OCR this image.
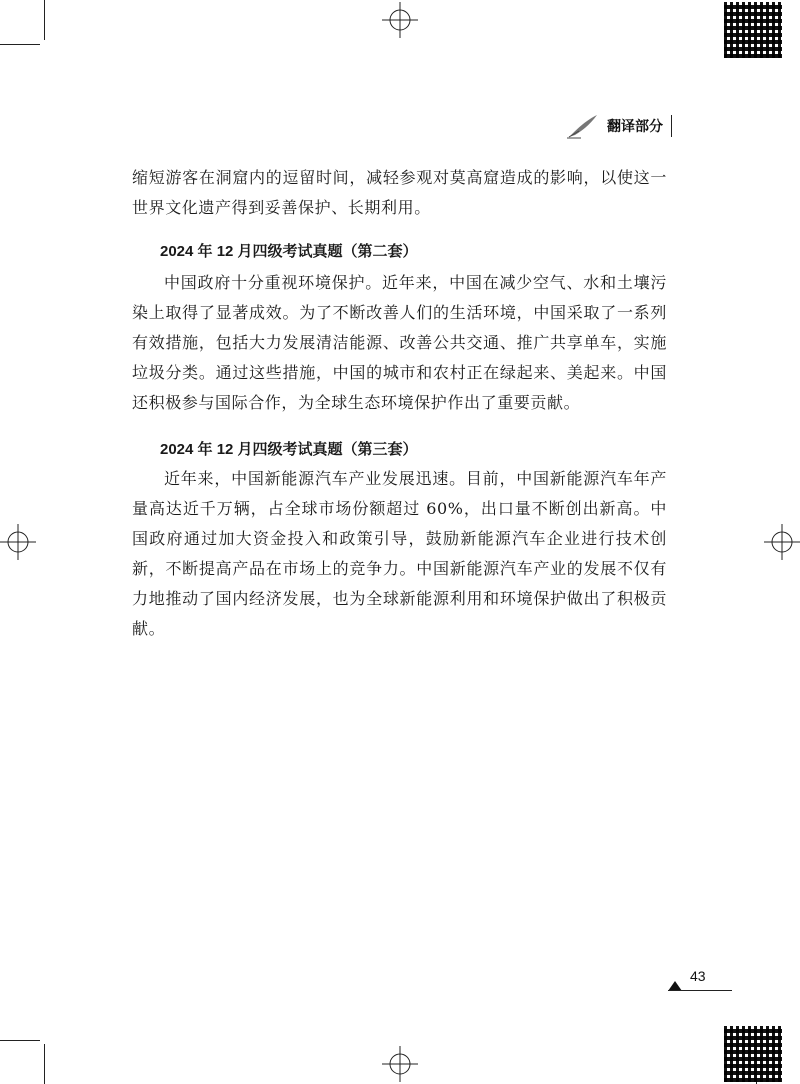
翻译部分

缩短游客在洞窟内的逗留时间，减轻参观对莫高窟造成的影响，以使这一世界文化遗产得到妥善保护、长期利用。

2024 年 12 月四级考试真题（第二套）

中国政府十分重视环境保护。近年来，中国在减少空气、水和土壤污染上取得了显著成效。为了不断改善人们的生活环境，中国采取了一系列有效措施，包括大力发展清洁能源、改善公共交通、推广共享单车，实施垃圾分类。通过这些措施，中国的城市和农村正在绿起来、美起来。中国还积极参与国际合作，为全球生态环境保护作出了重要贡献。

2024 年 12 月四级考试真题（第三套）

近年来，中国新能源汽车产业发展迅速。目前，中国新能源汽车年产量高达近千万辆，占全球市场份额超过 60%，出口量不断创出新高。中国政府通过加大资金投入和政策引导，鼓励新能源汽车企业进行技术创新，不断提高产品在市场上的竞争力。中国新能源汽车产业的发展不仅有力地推动了国内经济发展，也为全球新能源利用和环境保护做出了积极贡献。

43
